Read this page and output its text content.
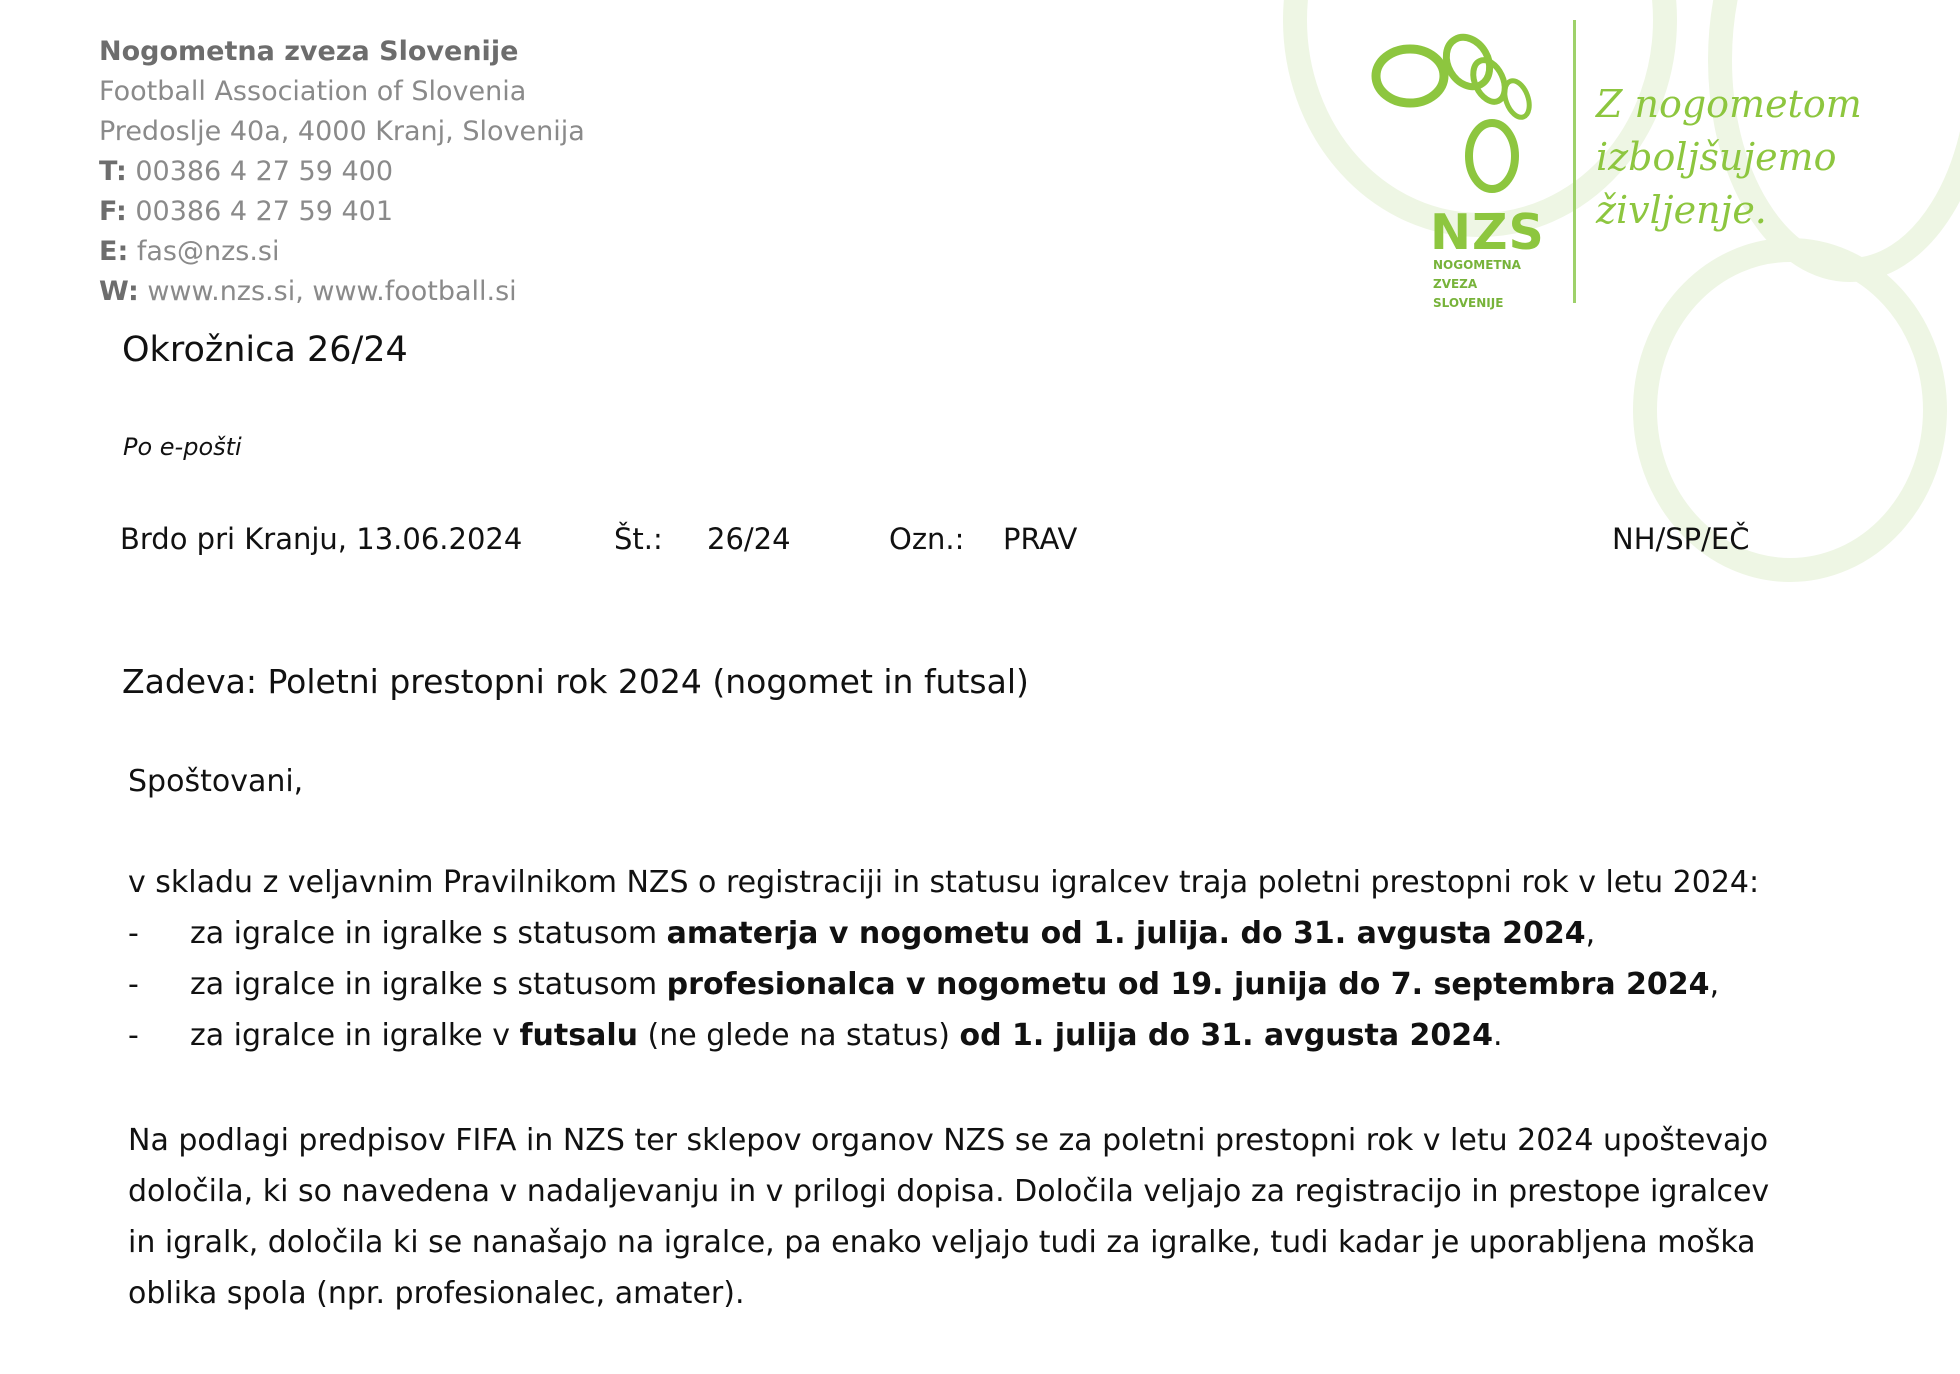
Nogometna zveza Slovenije
Football Association of Slovenia
Predoslje 40a, 4000 Kranj, Slovenija
T: 00386 4 27 59 400
F: 00386 4 27 59 401
E: fas@nzs.si
W: www.nzs.si, www.football.si
NZS
NOGOMETNA
ZVEZA
SLOVENIJE
Z nogometom
izboljšujemo
življenje.
Okrožnica 26/24
Po e-pošti
Brdo pri Kranju, 13.06.2024	Št.: 26/24	Ozn.: PRAV	NH/SP/EČ
Zadeva: Poletni prestopni rok 2024 (nogomet in futsal)
Spoštovani,
v skladu z veljavnim Pravilnikom NZS o registraciji in statusu igralcev traja poletni prestopni rok v letu 2024:
- za igralce in igralke s statusom amaterja v nogometu od 1. julija. do 31. avgusta 2024,
- za igralce in igralke s statusom profesionalca v nogometu od 19. junija do 7. septembra 2024,
- za igralce in igralke v futsalu (ne glede na status) od 1. julija do 31. avgusta 2024.
Na podlagi predpisov FIFA in NZS ter sklepov organov NZS se za poletni prestopni rok v letu 2024 upoštevajo
določila, ki so navedena v nadaljevanju in v prilogi dopisa. Določila veljajo za registracijo in prestope igralcev
in igralk, določila ki se nanašajo na igralce, pa enako veljajo tudi za igralke, tudi kadar je uporabljena moška
oblika spola (npr. profesionalec, amater).
